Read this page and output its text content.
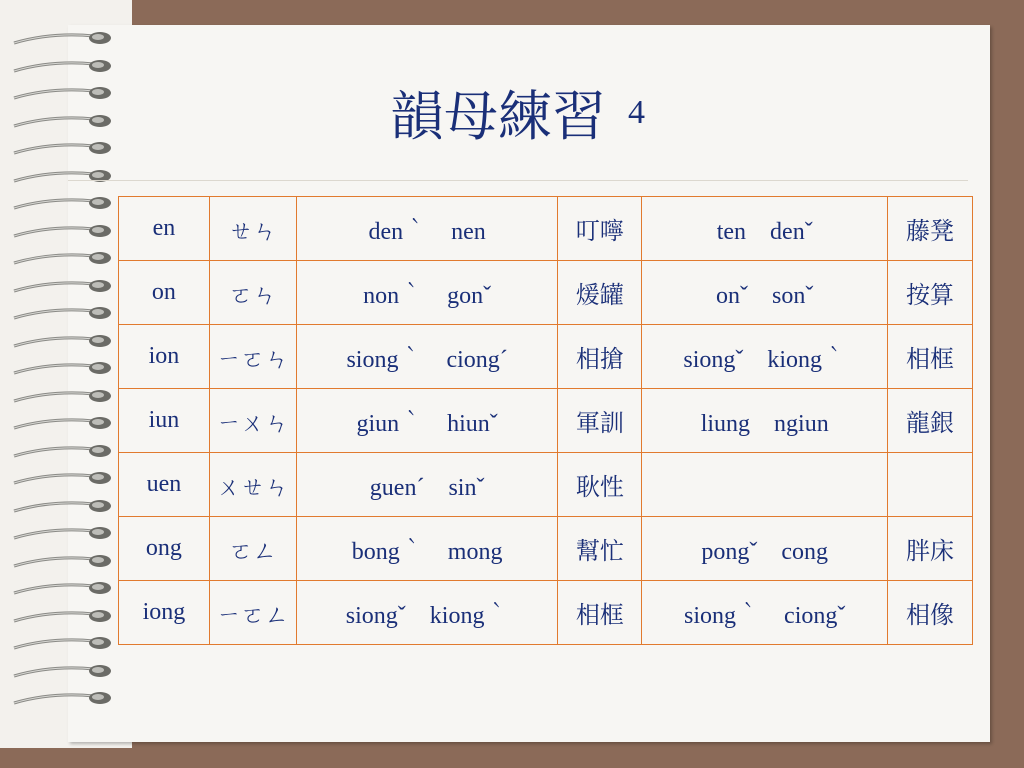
韻母練習 4
en	ㄝㄣ	den｀　nen	叮嚀	ten　denˇ	藤凳
on	ㄛㄣ	non｀　gonˇ	煖罐	onˇ　sonˇ	按算
ion	ㄧㄛㄣ	siong｀　ciongˊ	相搶	siongˇ　kiong｀	相框
iun	ㄧㄨㄣ	giun｀　hiunˇ	軍訓	liung　ngiun	龍銀
uen	ㄨㄝㄣ	guenˊ　sinˇ	耿性		
ong	ㄛㄥ	bong｀　mong	幫忙	pongˇ　cong	胖床
iong	ㄧㄛㄥ	siongˇ　kiong｀	相框	siong｀　ciongˇ	相像
